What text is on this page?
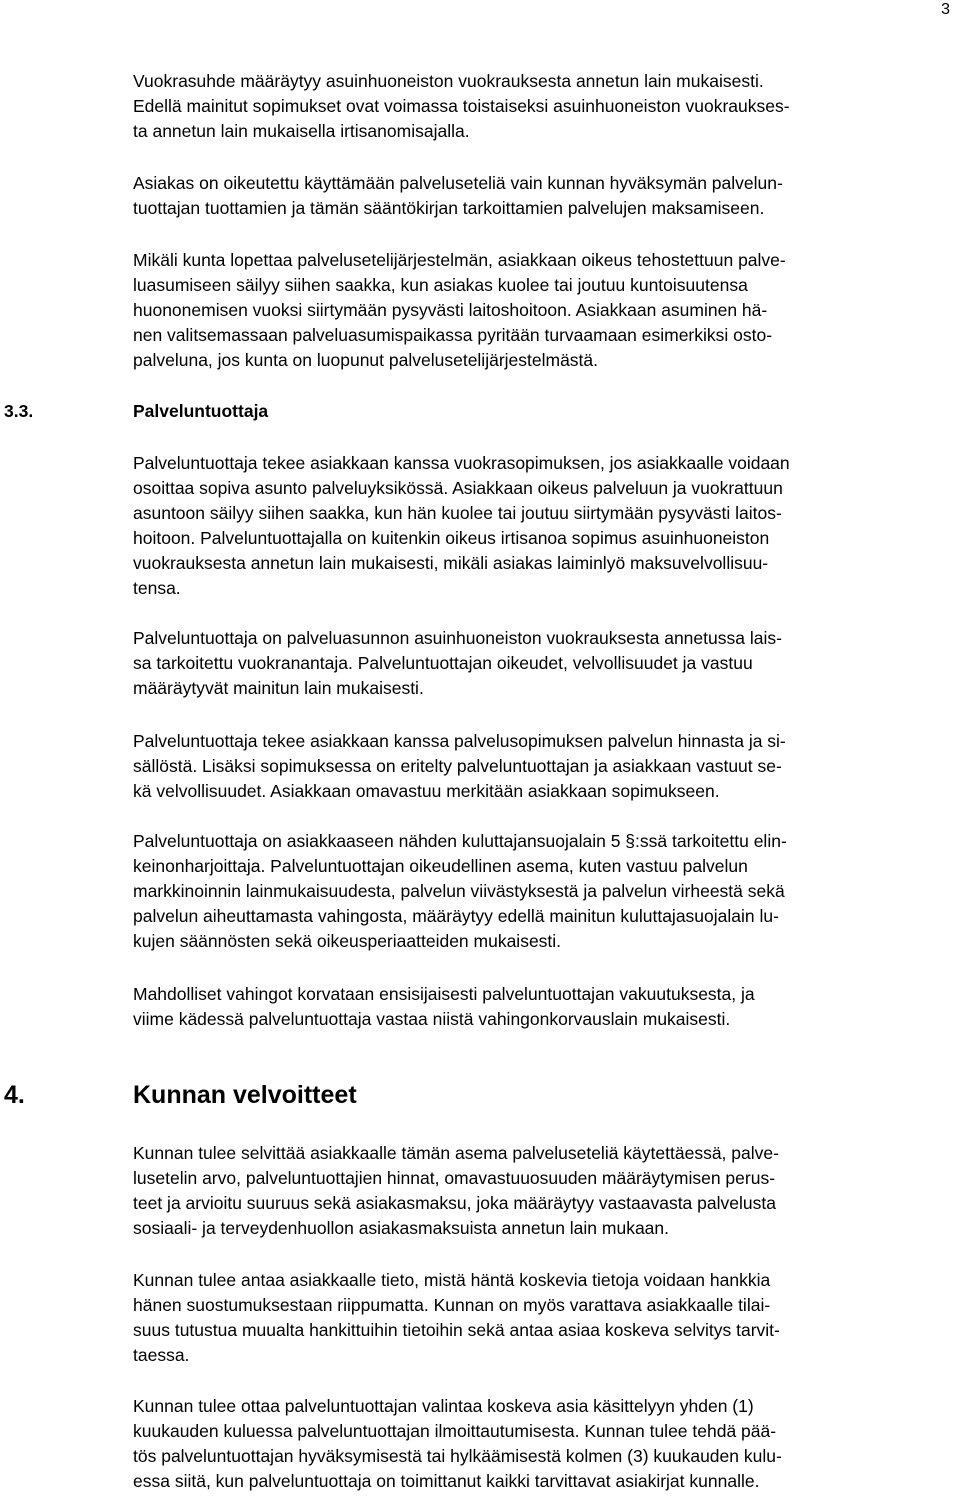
3

Vuokrasuhde määräytyy asuinhuoneiston vuokrauksesta annetun lain mukaisesti.
Edellä mainitut sopimukset ovat voimassa toistaiseksi asuinhuoneiston vuokraukses-
ta annetun lain mukaisella irtisanomisajalla.

Asiakas on oikeutettu käyttämään palveluseteliä vain kunnan hyväksymän palvelun-
tuottajan tuottamien ja tämän sääntökirjan tarkoittamien palvelujen maksamiseen.

Mikäli kunta lopettaa palvelusetelijärjestelmän, asiakkaan oikeus tehostettuun palve-
luasumiseen säilyy siihen saakka, kun asiakas kuolee tai joutuu kuntoisuutensa
huononemisen vuoksi siirtymään pysyvästi laitoshoitoon. Asiakkaan asuminen hä-
nen valitsemassaan palveluasumispaikassa pyritään turvaamaan esimerkiksi osto-
palveluna, jos kunta on luopunut palvelusetelijärjestelmästä.

3.3.	Palveluntuottaja

Palveluntuottaja tekee asiakkaan kanssa vuokrasopimuksen, jos asiakkaalle voidaan
osoittaa sopiva asunto palveluyksikössä. Asiakkaan oikeus palveluun ja vuokrattuun
asuntoon säilyy siihen saakka, kun hän kuolee tai joutuu siirtymään pysyvästi laitos-
hoitoon. Palveluntuottajalla on kuitenkin oikeus irtisanoa sopimus asuinhuoneiston
vuokrauksesta annetun lain mukaisesti, mikäli asiakas laiminlyö maksuvelvollisuu-
tensa.

Palveluntuottaja on palveluasunnon asuinhuoneiston vuokrauksesta annetussa lais-
sa tarkoitettu vuokranantaja. Palveluntuottajan oikeudet, velvollisuudet ja vastuu
määräytyvät mainitun lain mukaisesti.

Palveluntuottaja tekee asiakkaan kanssa palvelusopimuksen palvelun hinnasta ja si-
sällöstä. Lisäksi sopimuksessa on eritelty palveluntuottajan ja asiakkaan vastuut se-
kä velvollisuudet. Asiakkaan omavastuu merkitään asiakkaan sopimukseen.

Palveluntuottaja on asiakkaaseen nähden kuluttajansuojalain 5 §:ssä tarkoitettu elin-
keinonharjoittaja. Palveluntuottajan oikeudellinen asema, kuten vastuu palvelun
markkinoinnin lainmukaisuudesta, palvelun viivästyksestä ja palvelun virheestä sekä
palvelun aiheuttamasta vahingosta, määräytyy edellä mainitun kuluttajasuojalain lu-
kujen säännösten sekä oikeusperiaatteiden mukaisesti.

Mahdolliset vahingot korvataan ensisijaisesti palveluntuottajan vakuutuksesta, ja
viime kädessä palveluntuottaja vastaa niistä vahingonkorvauslain mukaisesti.

4.	Kunnan velvoitteet

Kunnan tulee selvittää asiakkaalle tämän asema palveluseteliä käytettäessä, palve-
lusetelin arvo, palveluntuottajien hinnat, omavastuuosuuden määräytymisen perus-
teet ja arvioitu suuruus sekä asiakasmaksu, joka määräytyy vastaavasta palvelusta
sosiaali- ja terveydenhuollon asiakasmaksuista annetun lain mukaan.

Kunnan tulee antaa asiakkaalle tieto, mistä häntä koskevia tietoja voidaan hankkia
hänen suostumuksestaan riippumatta. Kunnan on myös varattava asiakkaalle tilai-
suus tutustua muualta hankittuihin tietoihin sekä antaa asiaa koskeva selvitys tarvit-
taessa.

Kunnan tulee ottaa palveluntuottajan valintaa koskeva asia käsittelyyn yhden (1)
kuukauden kuluessa palveluntuottajan ilmoittautumisesta. Kunnan tulee tehdä pää-
tös palveluntuottajan hyväksymisestä tai hylkäämisestä kolmen (3) kuukauden kulu-
essa siitä, kun palveluntuottaja on toimittanut kaikki tarvittavat asiakirjat kunnalle.
